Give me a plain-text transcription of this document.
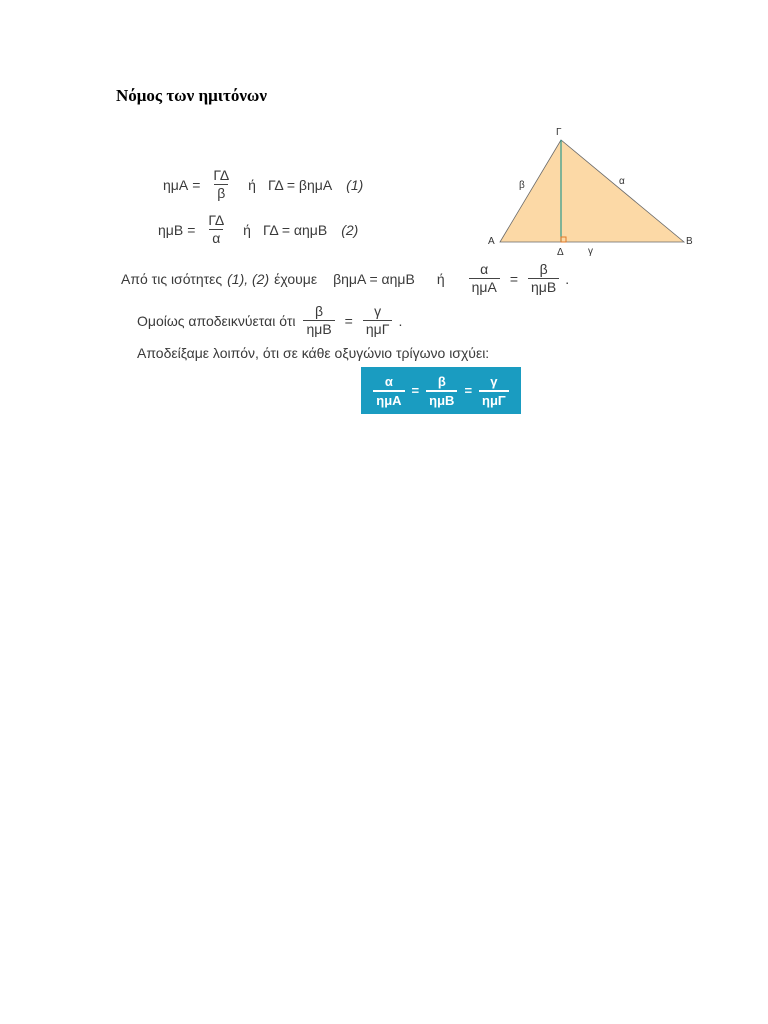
Νόμος των ημιτόνων
$\eta\mu A = \frac{\Gamma\Delta}{\beta}$ ή ΓΔ = βημΑ (1)
$\eta\mu B = \frac{\Gamma\Delta}{\alpha}$ ή ΓΔ = αημΒ (2)
Από τις ισότητες (1), (2) έχουμε βημΑ = αημΒ ή $\frac{\alpha}{\text{ημΑ}} = \frac{\beta}{\text{ημΒ}}$ .
Ομοίως αποδεικνύεται ότι $\frac{\beta}{\text{ημΒ}} = \frac{\gamma}{\text{ημΓ}}$ .
Αποδείξαμε λοιπόν, ότι σε κάθε οξυγώνιο τρίγωνο ισχύει:
$\frac{\alpha}{\text{ημΑ}} = \frac{\beta}{\text{ημΒ}} = \frac{\gamma}{\text{ημΓ}}$
Γ
Α	Β
Δ
β	α
γ
